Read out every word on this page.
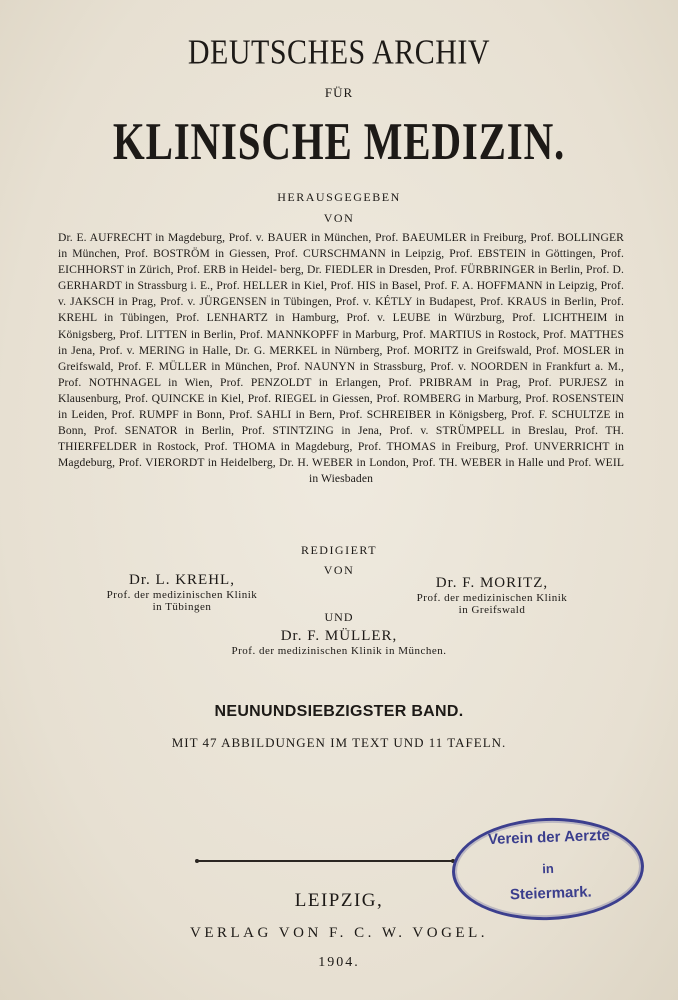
DEUTSCHES ARCHIV
FÜR
KLINISCHE MEDIZIN.
HERAUSGEGEBEN
VON
Dr. E. AUFRECHT in Magdeburg, Prof. v. BAUER in München, Prof. BAEUMLER in Freiburg, Prof. BOLLINGER in München, Prof. BOSTRÖM in Giessen, Prof. CURSCHMANN in Leipzig, Prof. EBSTEIN in Göttingen, Prof. EICHHORST in Zürich, Prof. ERB in Heidel- berg, Dr. FIEDLER in Dresden, Prof. FÜRBRINGER in Berlin, Prof. D. GERHARDT in Strassburg i. E., Prof. HELLER in Kiel, Prof. HIS in Basel, Prof. F. A. HOFFMANN in Leipzig, Prof. v. JAKSCH in Prag, Prof. v. JÜRGENSEN in Tübingen, Prof. v. KÉTLY in Budapest, Prof. KRAUS in Berlin, Prof. KREHL in Tübingen, Prof. LENHARTZ in Hamburg, Prof. v. LEUBE in Würzburg, Prof. LICHTHEIM in Königsberg, Prof. LITTEN in Berlin, Prof. MANNKOPFF in Marburg, Prof. MARTIUS in Rostock, Prof. MATTHES in Jena, Prof. v. MERING in Halle, Dr. G. MERKEL in Nürnberg, Prof. MORITZ in Greifswald, Prof. MOSLER in Greifswald, Prof. F. MÜLLER in München, Prof. NAUNYN in Strassburg, Prof. v. NOORDEN in Frankfurt a. M., Prof. NOTHNAGEL in Wien, Prof. PENZOLDT in Erlangen, Prof. PRIBRAM in Prag, Prof. PURJESZ in Klausenburg, Prof. QUINCKE in Kiel, Prof. RIEGEL in Giessen, Prof. ROMBERG in Marburg, Prof. ROSENSTEIN in Leiden, Prof. RUMPF in Bonn, Prof. SAHLI in Bern, Prof. SCHREIBER in Königsberg, Prof. F. SCHULTZE in Bonn, Prof. SENATOR in Berlin, Prof. STINTZING in Jena, Prof. v. STRÜMPELL in Breslau, Prof. TH. THIERFELDER in Rostock, Prof. THOMA in Magdeburg, Prof. THOMAS in Freiburg, Prof. UNVERRICHT in Magdeburg, Prof. VIERORDT in Heidelberg, Dr. H. WEBER in London, Prof. TH. WEBER in Halle und Prof. WEIL in Wiesbaden
REDIGIERT
VON
Dr. L. KREHL,
Prof. der medizinischen Klinik
in Tübingen
Dr. F. MORITZ,
Prof. der medizinischen Klinik
in Greifswald
UND
Dr. F. MÜLLER,
Prof. der medizinischen Klinik in München.
NEUNUNDSIEBZIGSTER BAND.
MIT 47 ABBILDUNGEN IM TEXT UND 11 TAFELN.
Verein der Aerzte
in
Steiermark.
LEIPZIG,
VERLAG VON F. C. W. VOGEL.
1904.
